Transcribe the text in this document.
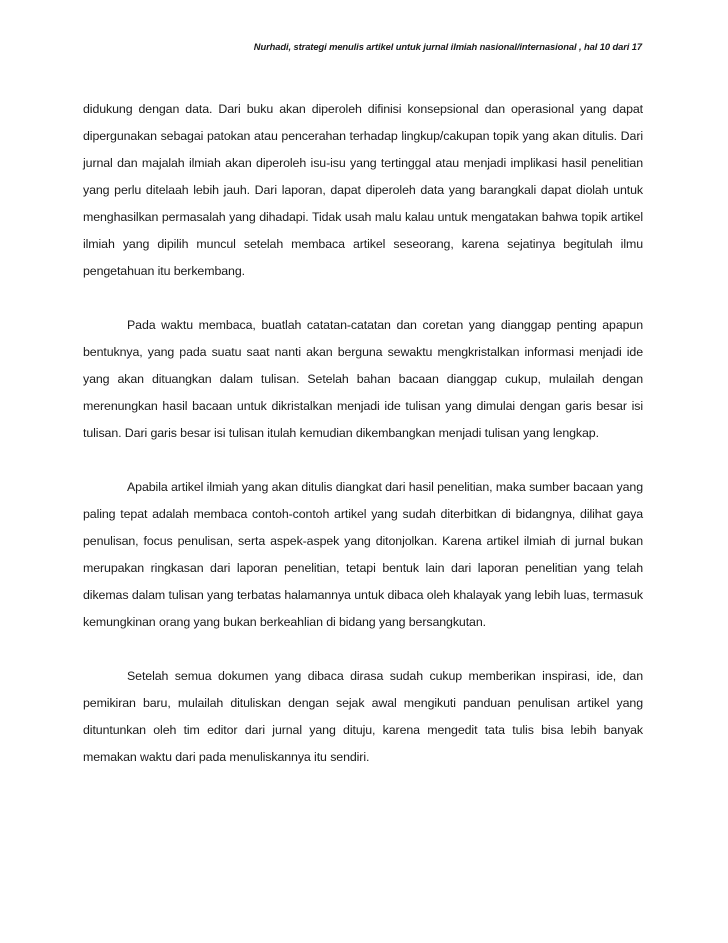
Nurhadi, strategi menulis artikel untuk jurnal ilmiah nasional/internasional , hal 10 dari 17

didukung dengan data. Dari buku akan diperoleh difinisi konsepsional dan operasional yang dapat dipergunakan sebagai patokan atau pencerahan terhadap lingkup/cakupan topik yang akan ditulis. Dari jurnal dan majalah ilmiah akan diperoleh isu-isu yang tertinggal atau menjadi implikasi hasil penelitian yang perlu ditelaah lebih jauh. Dari laporan, dapat diperoleh data yang barangkali dapat diolah untuk menghasilkan permasalah yang dihadapi. Tidak usah malu kalau untuk mengatakan bahwa topik artikel ilmiah yang dipilih muncul setelah membaca artikel seseorang, karena sejatinya begitulah ilmu pengetahuan itu berkembang.

Pada waktu membaca, buatlah catatan-catatan dan coretan yang dianggap penting apapun bentuknya, yang pada suatu saat nanti akan berguna sewaktu mengkristalkan informasi menjadi ide yang akan dituangkan dalam tulisan. Setelah bahan bacaan dianggap cukup, mulailah dengan merenungkan hasil bacaan untuk dikristalkan menjadi ide tulisan yang dimulai dengan garis besar isi tulisan. Dari garis besar isi tulisan itulah kemudian dikembangkan menjadi tulisan yang lengkap.

Apabila artikel ilmiah yang akan ditulis diangkat dari hasil penelitian, maka sumber bacaan yang paling tepat adalah membaca contoh-contoh artikel yang sudah diterbitkan di bidangnya, dilihat gaya penulisan, focus penulisan, serta aspek-aspek yang ditonjolkan. Karena artikel ilmiah di jurnal bukan merupakan ringkasan dari laporan penelitian, tetapi bentuk lain dari laporan penelitian yang telah dikemas dalam tulisan yang terbatas halamannya untuk dibaca oleh khalayak yang lebih luas, termasuk kemungkinan orang yang bukan berkeahlian di bidang yang bersangkutan.

Setelah semua dokumen yang dibaca dirasa sudah cukup memberikan inspirasi, ide, dan pemikiran baru, mulailah dituliskan dengan sejak awal mengikuti panduan penulisan artikel yang dituntunkan oleh tim editor dari jurnal yang dituju, karena mengedit tata tulis bisa lebih banyak memakan waktu dari pada menuliskannya itu sendiri.
